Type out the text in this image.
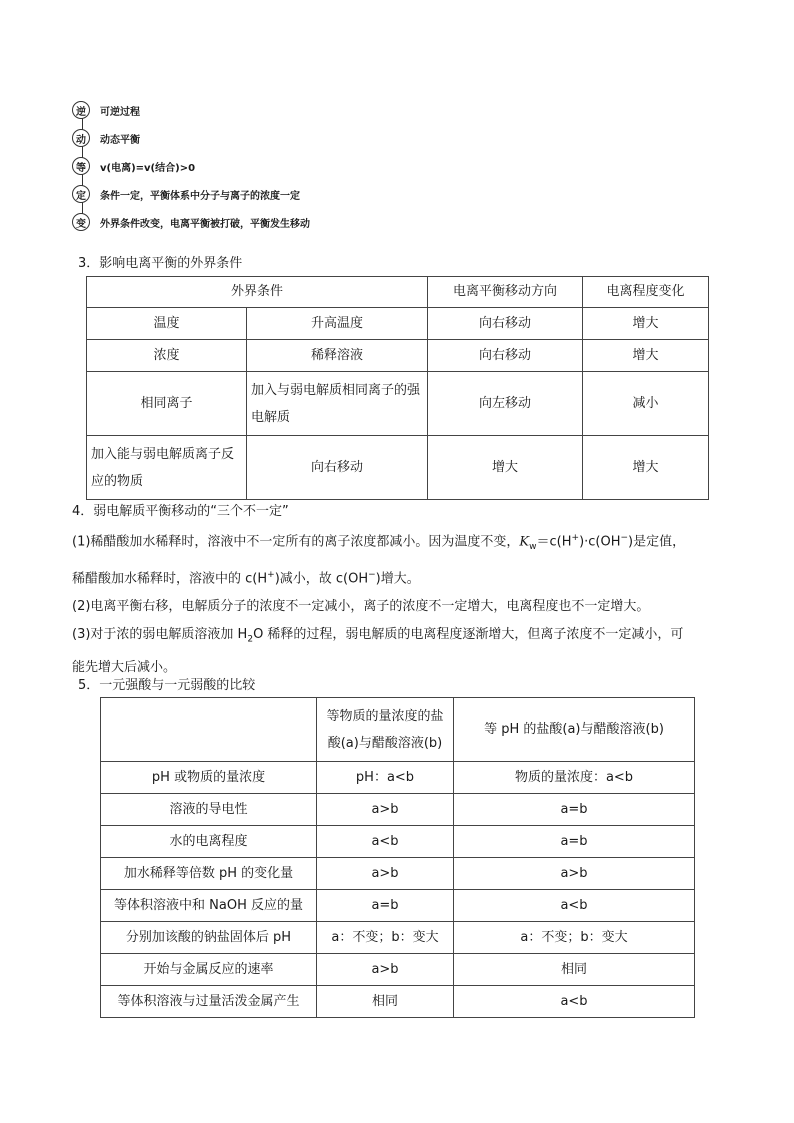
逆	可逆过程
动	动态平衡
等	v(电离)=v(结合)>0
定	条件一定，平衡体系中分子与离子的浓度一定
变	外界条件改变，电离平衡被打破，平衡发生移动
3．影响电离平衡的外界条件
外界条件		电离平衡移动方向	电离程度变化
温度	升高温度	向右移动	增大
浓度	稀释溶液	向右移动	增大
相同离子	加入与弱电解质相同离子的强电解质	向左移动	减小
加入能与弱电解质离子反应的物质	向右移动	增大	增大
4．弱电解质平衡移动的“三个不一定”

(1)稀醋酸加水稀释时，溶液中不一定所有的离子浓度都减小。因为温度不变，$K_w=c(H^+)\cdot c(OH^-)$是定值，
稀醋酸加水稀释时，溶液中的 c(H+)减小，故 c(OH−)增大。

(2)电离平衡右移，电解质分子的浓度不一定减小，离子的浓度不一定增大，电离程度也不一定增大。

(3)对于浓的弱电解质溶液加 $H_2O$ 稀释的过程，弱电解质的电离程度逐渐增大，但离子浓度不一定减小，可
能先增大后减小。

5．一元强酸与一元弱酸的比较
	等物质的量浓度的盐酸(a)与醋酸溶液(b)	等 pH 的盐酸(a)与醋酸溶液(b)
pH 或物质的量浓度	pH：a<b	物质的量浓度：a<b
溶液的导电性	a>b	a=b
水的电离程度	a<b	a=b
加水稀释等倍数 pH 的变化量	a>b	a>b
等体积溶液中和 NaOH 反应的量	a=b	a<b
分别加该酸的钠盐固体后 pH	a：不变；b：变大	a：不变；b：变大
开始与金属反应的速率	a>b	相同
等体积溶液与过量活泼金属产生	相同	a<b
